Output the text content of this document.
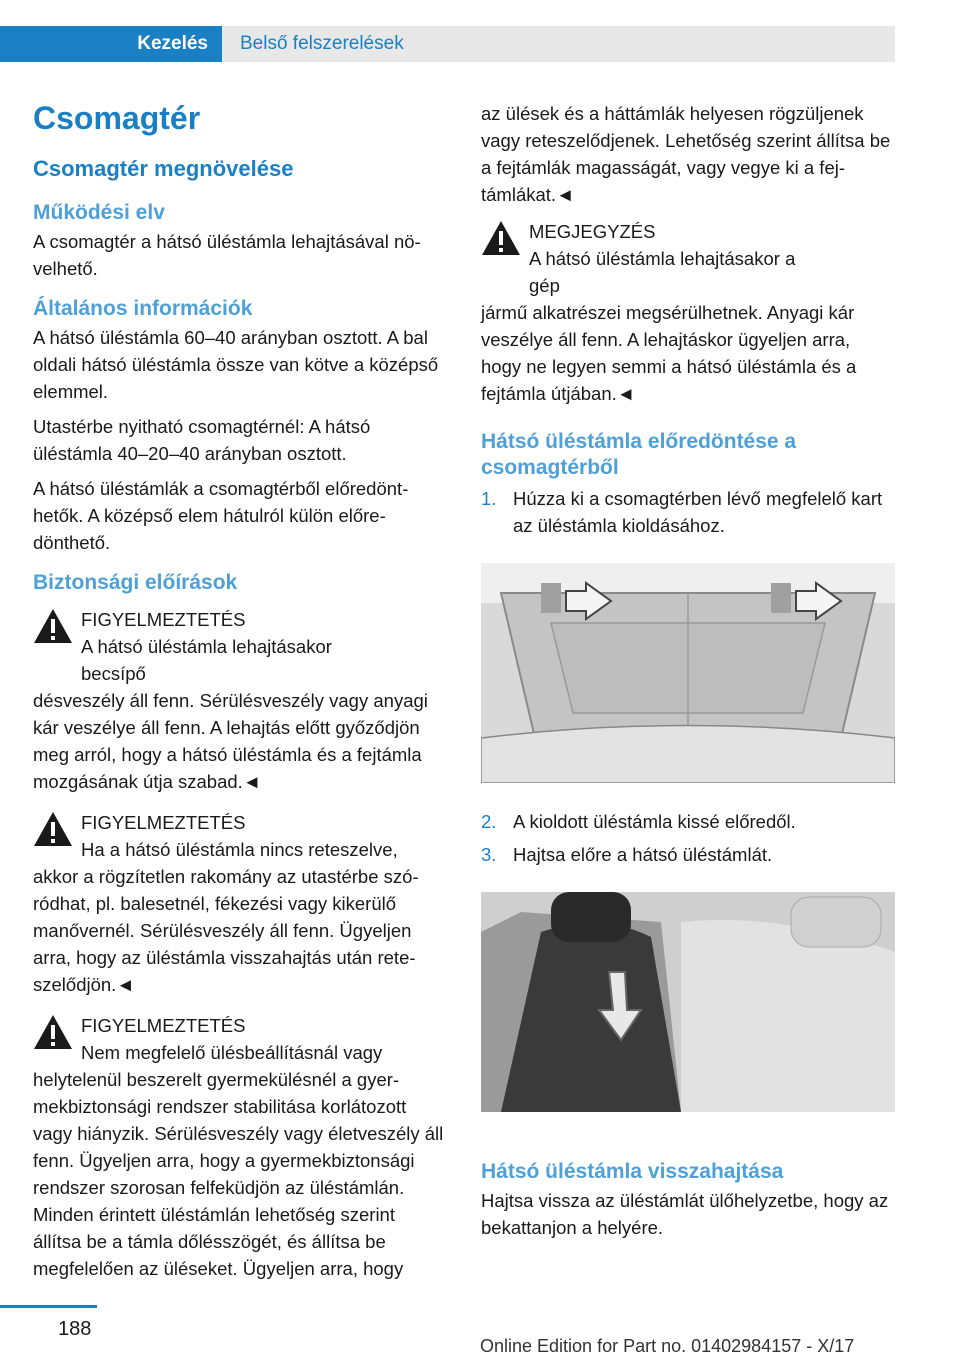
Kezelés	Belső felszerelések
Csomagtér
Csomagtér megnövelése
Működési elv

A csomagtér a hátsó üléstámla lehajtásával növelhető.

Általános információk

A hátsó üléstámla 60–40 arányban osztott. A bal oldali hátsó üléstámla össze van kötve a középső elemmel.

Utastérbe nyitható csomagtérnél: A hátsó üléstámla 40–20–40 arányban osztott.

A hátsó üléstámlák a csomagtérből előredönthetők. A középső elem hátulról külön előredönthető.

Biztonsági előírások
FIGYELMEZTETÉS
A hátsó üléstámla lehajtásakor becsípő

désveszély áll fenn. Sérülésveszély vagy anyagi kár veszélye áll fenn. A lehajtás előtt győződjön meg arról, hogy a hátsó üléstámla és a fejtámla mozgásának útja szabad.◄

FIGYELMEZTETÉS
Ha a hátsó üléstámla nincs reteszelve,

akkor a rögzítetlen rakomány az utastérbe szóródhat, pl. balesetnél, fékezési vagy kikerülő manővernél. Sérülésveszély áll fenn. Ügyeljen arra, hogy az üléstámla visszahajtás után reteszelődjön.◄

FIGYELMEZTETÉS
Nem megfelelő ülésbeállításnál vagy

helytelenül beszerelt gyermekülésnél a gyermekbiztonsági rendszer stabilitása korlátozott vagy hiányzik. Sérülésveszély vagy életveszély áll fenn. Ügyeljen arra, hogy a gyermekbiztonsági rendszer szorosan felfeküdjön az üléstámlán. Minden érintett üléstámlán lehetőség szerint állítsa be a támla dőlésszögét, és állítsa be megfelelően az üléseket. Ügyeljen arra, hogy

az ülések és a háttámlák helyesen rögzüljenek vagy reteszelődjenek. Lehetőség szerint állítsa be a fejtámlák magasságát, vagy vegye ki a fejtámlákat.◄

MEGJEGYZÉS
A hátsó üléstámla lehajtásakor a gép

jármű alkatrészei megsérülhetnek. Anyagi kár veszélye áll fenn. A lehajtáskor ügyeljen arra, hogy ne legyen semmi a hátsó üléstámla és a fejtámla útjában.◄

Hátsó üléstámla előredöntése a csomagtérből
1. Húzza ki a csomagtérben lévő megfelelő kart az üléstámla kioldásához.
2. A kioldott üléstámla kissé előredől.
3. Hajtsa előre a hátsó üléstámlát.
Hátsó üléstámla visszahajtása

Hajtsa vissza az üléstámlát ülőhelyzetbe, hogy az bekattanjon a helyére.

188
Online Edition for Part no. 01402984157 - X/17
